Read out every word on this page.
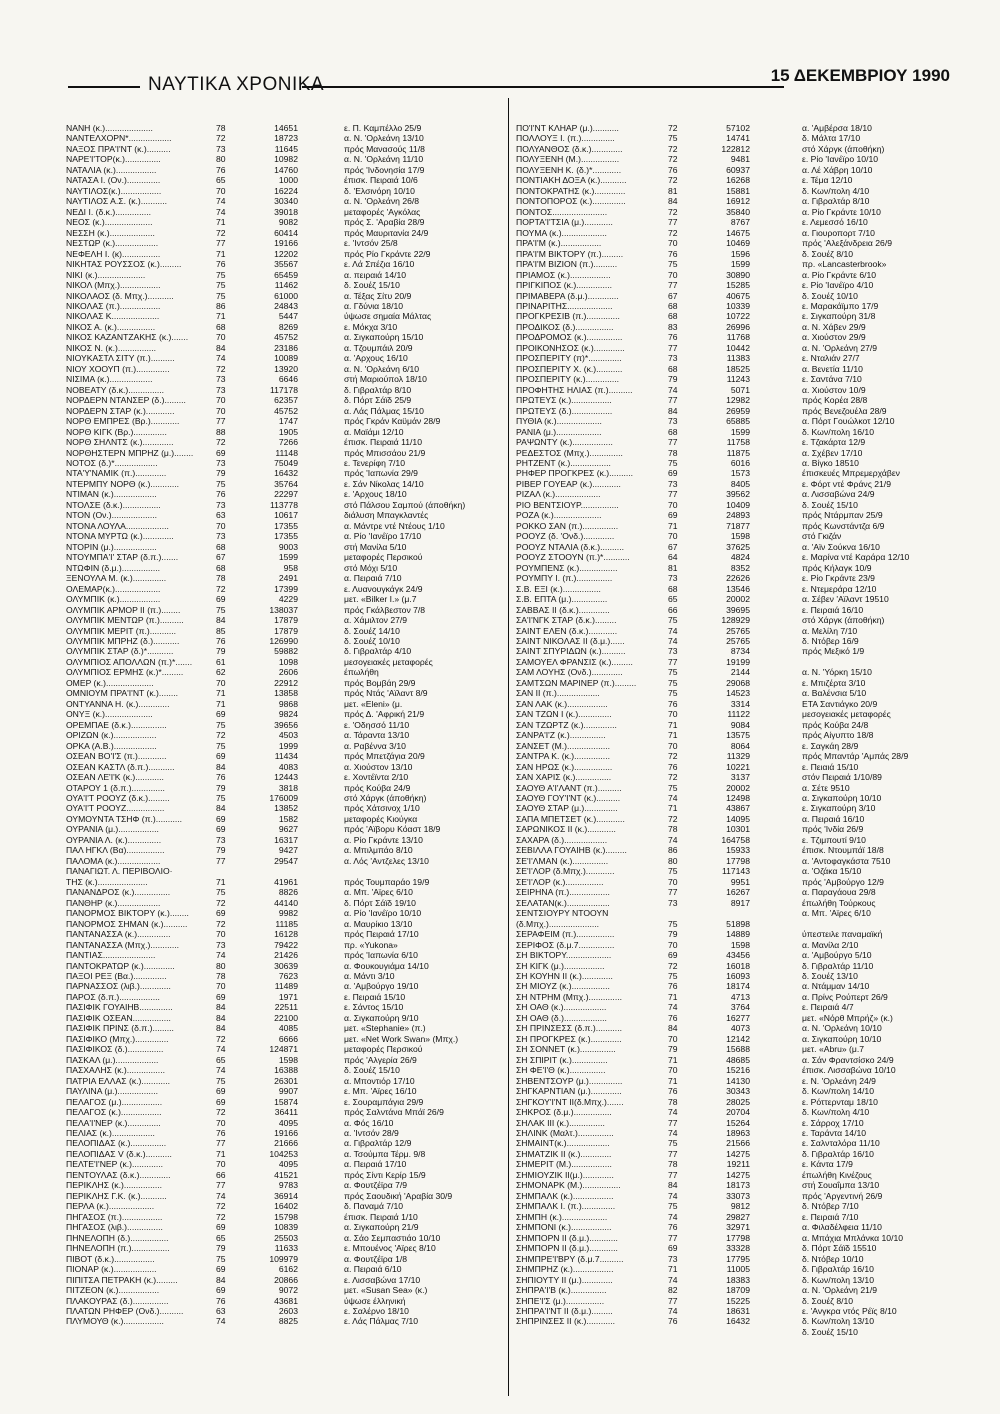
ΝΑΥΤΙΚΑ ΧΡΟΝΙΚΑ	15 ΔΕΚΕΜΒΡΙΟΥ 1990
ΝΑΝΗ (κ.)....................	78	14651	ε. Π. Καμπέλλο 25/9
ΝΑΝΤΕΛΧΟΡΝ*..................	72	18723	α. Ν. 'Ορλεάνη 13/10
ΝΑΞΟΣ ΠΡΑ'Ι'ΝΤ (κ.)..........	73	11645	πρός Μανασούς 11/8
ΝΑΡΕ'Ι'ΤΟΡ(κ.)...............	80	10982	α. Ν. 'Ορλεάνη 11/10
ΝΑΤΑΛΙΑ (κ.).................	76	14760	πρός 'Ινδονησία 17/9
ΝΑΤΑΣΑ Ι. (Ον.)..............	65	1000	έπισκ. Πειραιά 10/6
ΝΑΥΤΙΛΟΣ(κ.).................	70	16224	δ. 'Ελσινόρη 10/10
ΝΑΥΤΙΛΟΣ Α.Σ. (κ.)...........	74	30340	α. Ν. 'Ορλεάνη 26/8
ΝΕΔΙ Ι. (δ.κ.)...............	74	39018	μεταφορές 'Αγκόλας
ΝΕΟΣ (κ.)....................	71	9082	πρός Σ. 'Αραβία 28/9
ΝΕΣΣΗ (κ.)...................	72	60414	πρός Μαυριτανία 24/9
ΝΕΣΤΩΡ (κ.)..................	77	19166	ε. 'Ιντσόν 25/8
ΝΕΦΕΛΗ Ι. (κ)................	71	12202	πρός Ρίο Γκράντε 22/9
ΝΙΚΗΤΑΣ ΡΟΥΣΣΟΣ (κ.).........	76	35567	ε. Λά Σπέζια 16/10
ΝΙΚΙ (κ.)....................	75	65459	α. πειραιά 14/10
ΝΙΚΟΛ (Μπχ.).................	75	11462	δ. Σουέζ 15/10
ΝΙΚΟΛΑΟΣ (δ. Μπχ.)...........	75	61000	α. Τέξας Σίτυ 20/9
ΝΙΚΟΛΑΣ (π.).................	86	24843	α. Γδύνια 18/10
ΝΙΚΟΛΑΣ Κ....................	71	5447	ύψωσε σημαία Μάλτας
ΝΙΚΟΣ Α. (κ.)................	68	8269	ε. Μόκχα 3/10
ΝΙΚΟΣ ΚΑΖΑΝΤΖΑΚΗΣ (κ.).......	70	45752	α. Σιγκαπούρη 15/10
ΝΙΚΟΣ Ν. (κ.)................	84	23186	α. Τζουμπάιλ 20/9
ΝΙΟΥΚΑΣΤΛ ΣΙΤΥ (π.)..........	74	10089	α. 'Αρχους 16/10
ΝΙΟΥ ΧΟΟΥΠ (π.)..............	72	13920	α. Ν. 'Ορλεάνη 6/10
ΝΙΣΙΜΑ (κ.)..................	73	6646	στή Μαριούπολ 18/10
ΝΟΒΕΑΤΥ (δ.κ.)...............	73	117178	δ. Γιβραλτάρ 8/10
ΝΟΡΔΕΡΝ ΝΤΑΝΣΕΡ (δ.).........	70	62357	δ. Πόρτ Σάϊδ 25/9
ΝΟΡΔΕΡΝ ΣΤΑΡ (κ.)............	70	45752	α. Λάς Πάλμας 15/10
ΝΟΡΘ ΕΜΠΡΕΣ (Βρ.)............	77	1747	πρός Γκράν Καϋμάν 28/9
ΝΟΡΘ ΚΙΓΚ (Βρ.)..............	88	1905	α. Μαϊάμι 12/10
ΝΟΡΘ ΣΗΛΝΤΣ (κ.).............	72	7266	έπισκ. Πειραιά 11/10
ΝΟΡΘΗΣΤΕΡΝ ΜΠΡΗΖ (μ.)........	69	11148	πρός Μπισσάου 21/9
ΝΟΤΟΣ (δ.)*..................	73	75049	ε. Τενερίφη 7/10
ΝΤΑ'Υ'ΝΑΜΙΚ (π.).............	79	16432	πρός 'Ιαπωνία 29/9
ΝΤΕΡΜΠΥ ΝΟΡΘ (κ.)............	75	35764	ε. Σάν Νίκολας 14/10
ΝΤΙΜΑΝ (κ.)..................	76	22297	ε. 'Αρχους 18/10
ΝΤΟΛΣΕ (δ.κ.)................	73	113778	στό Πάλσου Σαμπού (άποθήκη)
ΝΤΟΝ (Ον.)...................	63	10617	διάλυση Μπαγκλαντές
ΝΤΟΝΑ ΛΟΥΛΑ..................	70	17355	α. Μάντρε ντέ Ντέους 1/10
ΝΤΟΝΑ ΜΥΡΤΩ (κ.).............	73	17355	α. Ρίο 'Ιανέϊρο 17/10
ΝΤΟΡΙΝ (μ.)..................	68	9003	στή Μανίλα 5/10
ΝΤΟΥΜΠΑ'Ι' ΣΤΑΡ (δ.π.).......	67	1599	μεταφορές Περσικού
ΝΤΩΦΙΝ (δ.μ.)................	68	958	στό Μόχι 5/10
ΞΕΝΟΥΛΑ Μ. (κ.)..............	78	2491	α. Πειραιά 7/10
ΟΛΕΜΑΡ(κ.)...................	72	17399	ε. Λυανουγκάγκ 24/9
ΟΛΥΜΠΙΚ (κ.).................	69	4229	μετ. «Bilker I.» (μ.7
ΟΛΥΜΠΙΚ ΑΡΜΟΡ ΙΙ (π.)........	75	138037	πρός Γκάλβεστον 7/8
ΟΛΥΜΠΙΚ ΜΕΝΤΩΡ (π.)..........	84	17879	α. Χάμιλτον 27/9
ΟΛΥΜΠΙΚ ΜΕΡΙΤ (π.)...........	85	17879	δ. Σουέζ 14/10
ΟΛΥΜΠΙΚ ΜΠΡΗΖ (δ.)...........	76	126990	δ. Σουέζ 10/10
ΟΛΥΜΠΙΚ ΣΤΑΡ (δ.)*...........	79	59882	δ. Γιβραλτάρ 4/10
ΟΛΥΜΠΙΟΣ ΑΠΟΛΛΩΝ (π.)*.......	61	1098	μεσογειακές μεταφορές
ΟΛΥΜΠΙΟΣ ΕΡΜΗΣ (κ.)*.........	62	2606	έπωλήθη
ΟΜΕΡ (κ.)....................	70	22912	πρός Βομβάη 29/9
ΟΜΝΙΟΥΜ ΠΡΑ'Ι'ΝΤ (κ.)........	71	13858	πρός Ντάς 'Αϊλαντ 8/9
ΟΝΤΥΑΝΝΑ Η. (κ.).............	71	9868	μετ. «Eleni» (μ.
ΟΝΥΞ (κ.)....................	69	9824	πρός Δ. 'Αφρική 21/9
ΟΡΕΜΠΑΕ (δ.κ.)...............	75	39656	ε. 'Οδησσό 11/10
ΟΡΙΖΩΝ (κ.)..................	72	4503	α. Τάραντα 13/10
ΟΡΚΑ (Α.Β.)..................	75	1999	α. Ραβέννα 3/10
ΟΣΕΑΝ ΒΟ'Ι'Σ (π.)............	69	11434	πρός Μπετζάγια 20/9
ΟΣΕΑΝ ΚΑΣΤΛ (δ.π.)...........	84	4083	α. Χιούστον 13/10
ΟΣΕΑΝ ΛΕ'Ι'Κ (κ.)............	76	12443	ε. Χοντέϊντα 2/10
ΟΤΑΡΟΥ 1 (δ.π.)..............	79	3818	πρός Κούβα 24/9
ΟΥΑ'Ι'Τ ΡΟΟΥΖ (δ.κ.).........	75	176009	στό Χάργκ (άποθήκη)
ΟΥΑ'Ι'Τ ΡΟΟΥΖ................	84	13852	πρός Χάτσινοχ 1/10
ΟΥΜΟΥΝΤΑ ΤΣΗΦ (π.)...........	69	1582	μεταφορές Κιούγκα
ΟΥΡΑΝΙΑ (μ.).................	69	9627	πρός 'Αϊβορυ Κόαστ 18/9
ΟΥΡΑΝΙΑ Λ. (κ.)..............	73	16317	α. Ρίο Γκράντε 13/10
ΠΑΛ ΗΓΚΛ (Βα)................	79	9427	α. Μπιλμπάο 8/10
ΠΑΛΟΜΑ (κ.)..................	77	29547	α. Λός 'Αντζελες 13/10
ΠΑΝΑΓΙΩΤ. Λ. ΠΕΡΙΒΟΛΙΟ·
ΤΗΣ (κ.).....................	71	41961	πρός Τουμπαράο 19/9
ΠΑΝΑΝΔΡΟΣ (κ.)...............	75	8826	α. Μπ. 'Αϊρες 6/10
ΠΑΝΘΗΡ (κ.)..................	72	44140	δ. Πόρτ Σάϊδ 19/10
ΠΑΝΟΡΜΟΣ ΒΙΚΤΟΡΥ (κ.)........	69	9982	α. Ρίο 'Ιανέϊρο 10/10
ΠΑΝΟΡΜΟΣ ΣΗΜΑΝ (κ.)..........	72	11185	α. Μαυρίκιο 13/10
ΠΑΝΤΑΝΑΣΣΑ (κ.)..............	70	16128	πρός Πειραιά 17/10
ΠΑΝΤΑΝΑΣΣΑ (Μπχ.)............	73	79422	πρ. «Yukona»
ΠΑΝΤΙΑΣ......................	74	21426	πρός 'Ιαπωνία 6/10
ΠΑΝΤΟΚΡΑΤΩΡ (κ.).............	80	30639	α. Φουκουγιάμα 14/10
ΠΑΞΟΙ ΡΕΞ (Βα.)..............	78	7623	α. Μάντι 3/10
ΠΑΡΝΑΣΣΟΣ (λιβ.).............	70	11489	α. 'Αμβούργο 19/10
ΠΑΡΟΣ (δ.π.).................	69	1971	ε. Πειραιά 15/10
ΠΑΣΙΦΙΚ ΓΟΥΑΙΗΒ..............	84	22511	ε. Σάντος 15/10
ΠΑΣΙΦΙΚ ΟΣΕΑΝ................	84	22100	α. Σιγκαπούρη 9/10
ΠΑΣΙΦΙΚ ΠΡΙΝΣ (δ.π.).........	84	4085	μετ. «Stephanie» (π.)
ΠΑΣΙΦΙΚΟ (Μπχ.)..............	72	6666	μετ. «Net Work Swan» (Μπχ.)
ΠΑΣΙΦΙΚΟΣ (δ.)...............	74	124871	μεταφορές Περσικού
ΠΑΣΚΑΛ (μ.)..................	65	1598	πρός 'Αλγερία 26/9
ΠΑΣΧΑΛΗΣ (κ.)................	74	16388	δ. Σουέζ 15/10
ΠΑΤΡΙΑ ΕΛΛΑΣ (κ.)............	75	26301	α. Μποντιόρ 17/10
ΠΑΥΛΙΝΑ (μ.).................	69	9907	ε. Μπ. 'Αϊρες 16/10
ΠΕΛΑΓΟΣ (μ.).................	69	15874	ε. Σουραμπάγια 29/9
ΠΕΛΑΓΟΣ (κ.).................	72	36411	πρός Σαλντάνα Μπάϊ 26/9
ΠΕΛΑ'Ι'ΝΕΡ (κ.)..............	70	4095	α. Φός 16/10
ΠΕΛΙΑΣ (κ.)..................	76	19166	α. 'Ιντσόν 28/9
ΠΕΛΟΠΙΔΑΣ (κ.)...............	77	21666	α. Γιβραλτάρ 12/9
ΠΕΛΟΠΙΔΑΣ V (δ.κ.)...........	71	104253	α. Τσούμπα Τέρμ. 9/8
ΠΕΛΤΕ'Ι'ΝΕΡ (κ.).............	70	4095	α. Πειραιά 17/10
ΠΕΝΤΟΥΛΑΣ (δ.κ.).............	66	41521	πρός Σίντι Κερίρ 15/9
ΠΕΡΙΚΛΗΣ (κ.)................	77	9783	α. Φουτζέϊρα 7/9
ΠΕΡΙΚΛΗΣ Γ.Κ. (κ.)...........	74	36914	πρός Σαουδική 'Αραβία 30/9
ΠΕΡΛΑ (κ.)...................	72	16402	δ. Παναμά 7/10
ΠΗΓΑΣΟΣ (π.).................	72	15798	έπισκ. Πειραιά 1/10
ΠΗΓΑΣΟΣ (λιβ.)...............	69	10839	α. Σιγκαπούρη 21/9
ΠΗΝΕΛΟΠΗ (δ.)................	65	25503	α. Σάο Σεμπαστιάο 10/10
ΠΗΝΕΛΟΠΗ (π.)................	79	11633	ε. Μπουένος 'Αϊρες 8/10
ΠΙΒΟΤ (δ.κ.).................	75	109979	α. Φουτζέϊρα 1/8
ΠΙΟΝΑΡ (κ.)..................	69	6162	α. Πειραιά 6/10
ΠΙΠΙΤΣΑ ΠΕΤΡΑΚΗ (κ.).........	84	20866	ε. Λισσαβώνα 17/10
ΠΙΤΖΕΟΝ (κ.).................	69	9072	μετ. «Susan Sea» (κ.)
ΠΛΑΚΟΥΡΑΣ (δ.)...............	76	43681	ύψωσε έλληνική
ΠΛΑΤΩΝ ΡΗΦΕΡ (Ονδ.)..........	63	2603	ε. Σαλέρνο 18/10
ΠΛΥΜΟΥΘ (κ.).................	74	8825	ε. Λάς Πάλμας 7/10
ΠΟ'Ι'ΝΤ ΚΛΗΑΡ (μ.)...........	72	57102	α. 'Αμβέρσα 18/10
ΠΟΛΛΟΥΞ Ι. (π.)..............	75	14741	δ. Μάλτα 17/10
ΠΟΛΥΑΝΘΟΣ (δ.κ.).............	72	122812	στό Χάργκ (άποθήκη)
ΠΟΛΥΞΕΝΗ (Μ.)................	72	9481	ε. Ρίο 'Ιανέϊρο 10/10
ΠΟΛΥΞΕΝΗ Κ. (δ.)*............	76	60937	α. Λέ Χάβρη 10/10
ΠΟΝΤΙΑΚΗ ΔΟΞΑ (κ.)...........	72	16268	ε. Τέμα 12/10
ΠΟΝΤΟΚΡΑΤΗΣ (κ.).............	81	15881	δ. Κων/πολη 4/10
ΠΟΝΤΟΠΟΡΟΣ (κ.)..............	84	16912	α. Γιβραλτάρ 8/10
ΠΟΝΤΟΣ.......................	72	35840	α. Ρίο Γκράντε 10/10
ΠΟΡΤΑ'Ι'ΤΣΙΑ (μ.)............	77	8767	ε. Λεμεσσό 16/10
ΠΟΥΜΑ (κ.)...................	72	14675	α. Γιουροπορτ 7/10
ΠΡΑ'Ι'Μ (κ.).................	70	10469	πρός 'Αλεξάνδρεια 26/9
ΠΡΑ'Ι'Μ ΒΙΚΤΟΡΥ (π.).........	76	1596	δ. Σουέζ 8/10
ΠΡΑ'Ι'Μ ΒΙΖΙΟΝ (π.)..........	75	1599	πρ. «Lancasterbrook»
ΠΡΙΑΜΟΣ (κ.).................	70	30890	α. Ρίο Γκράντε 6/10
ΠΡΙΓΚΙΠΟΣ (κ.)...............	77	15285	ε. Ρίο 'Ιανέϊρο 4/10
ΠΡΙΜΑΒΕΡΑ (δ.μ.).............	67	40675	δ. Σουέζ 10/10
ΠΡΙΝΑΡΙΤΗΣ...................	68	10339	ε. Μαρακάϊμπο 17/9
ΠΡΟΓΚΡΕΣΙΒ (π.)..............	68	10722	ε. Σιγκαπούρη 31/8
ΠΡΟΔΙΚΟΣ (δ.)................	83	26996	α. Ν. Χάβεν 29/9
ΠΡΟΔΡΟΜΟΣ (κ.)...............	76	11768	α. Χιούστον 29/9
ΠΡΟΙΚΟΝΗΣΟΣ (κ.).............	77	10442	α. Ν. 'Ορλεάνη 27/9
ΠΡΟΣΠΕΡΙΤΥ (π)*..............	73	11383	ε. Νταλιάν 27/7
ΠΡΟΣΠΕΡΙΤΥ Χ. (κ.)...........	68	18525	α. Βενετία 11/10
ΠΡΟΣΠΕΡΙΤΥ (κ.)..............	79	11243	ε. Σαντάνα 7/10
ΠΡΟΦΗΤΗΣ ΗΛΙΑΣ (π.)..........	74	5071	α. Χιούστον 10/9
ΠΡΩΤΕΥΣ (κ.).................	77	12982	πρός Κορέα 28/8
ΠΡΩΤΕΥΣ (δ.).................	84	26959	πρός Βενεζουέλα 28/9
ΠΥΘΙΑ (κ.)...................	73	65885	α. Πόρτ Γουώλκοτ 12/10
ΡΑΝΙΑ (μ.)...................	68	1599	δ. Κων/πολη 16/10
ΡΑΨΩΝΤΥ (κ.).................	77	11758	ε. Τζακάρτα 12/9
ΡΕΔΕΣΤΟΣ (Μπχ.)..............	78	11875	α. Σχέβεν 17/10
ΡΗΤΖΕΝΤ (κ.).................	75	6016	α. Βίγκο 18510
ΡΗΦΕΡ ΠΡΟΓΚΡΕΣ (κ.)..........	69	1573	έπισκευές Μπρεμερχάβεν
ΡΙΒΕΡ ΓΟΥΕΑΡ (κ.)............	73	8405	ε. Φόρτ ντέ Φράνς 21/9
ΡΙΖΑΛ (κ.)...................	77	39562	α. Λισσαβώνα 24/9
ΡΙΟ ΒΕΝΤΣΙΟΥΡ................	70	10409	δ. Σουέζ 15/10
ΡΟΖΑ (κ.)....................	69	24893	πρός Ντάρμπαν 25/9
ΡΟΚΚΟ ΣΑΝ (π.)...............	71	71877	πρός Κωνστάντζα 6/9
ΡΟΟΥΖ (δ. 'Ονδ.).............	70	1598	στό Γκιζάν
ΡΟΟΥΖ ΝΤΑΛΙΑ (δ.κ.)..........	67	37625	α. 'Αϊν Σούκνα 16/10
ΡΟΟΥΖ ΣΤΟΟΥΝ (π.)*...........	64	4824	ε. Μαρίνα ντέ Καράρα 12/10
ΡΟΥΜΠΕΝΣ (κ.)................	81	8352	πρός Κήλαγκ 10/9
ΡΟΥΜΠΥ Ι. (π.)...............	73	22626	ε. Ρίο Γκράντε 23/9
Σ.Β. ΕΞΙ (κ.)................	68	13546	ε. Ντεμεράρα 12/10
Σ.Β. ΕΠΤΑ (μ.)...............	65	20002	α. Σέβεν 'Αϊλαντ 19510
ΣΑΒΒΑΣ ΙΙ (δ.κ.).............	66	39695	ε. Πειραιά 16/10
ΣΑ'Ι'ΝΓΚ ΣΤΑΡ (δ.κ.).........	75	128929	στό Χάργκ (άποθήκη)
ΣΑΙΝΤ ΕΛΕΝ (δ.κ.)............	74	25765	α. Μελίλη 7/10
ΣΑΙΝΤ ΝΙΚΟΛΑΣ ΙΙ (δ.μ.)......	74	25765	δ. Ντόβερ 16/9
ΣΑΙΝΤ ΣΠΥΡΙΔΩΝ (κ.)..........	73	8734	πρός Μεξικό 1/9
ΣΑΜΟΥΕΛ ΦΡΑΝΣΙΣ (κ.).........	77	19199
ΣΑΜ ΛΟΥΗΣ (Ονδ.).............	75	2144	α. Ν. 'Υόρκη 15/10
ΣΑΜΤΣΩΝ ΜΑΡΙΝΕΡ (π.).........	75	29068	ε. Μπιζέρτα 3/10
ΣΑΝ ΙΙ (π.)..................	75	14523	α. Βαλένσια 5/10
ΣΑΝ ΛΑΚ (κ.).................	76	3314	ΕΤΑ Σαντιάγκο 20/9
ΣΑΝ ΤΖΩΝ Ι (κ.)..............	70	11122	μεσογειακές μεταφορές
ΣΑΝ ΤΖΩΡΤΖ (κ.)..............	71	9084	πρός Κούβα 24/8
ΣΑΝΡΑ'Ι'Ζ (κ.)...............	71	13575	πρός Αίγυπτο 18/8
ΣΑΝΣΕΤ (Μ.)..................	70	8064	ε. Σαγκάη 28/9
ΣΑΝΤΡΑ Κ. (κ.)...............	72	11329	πρός Μπαντάρ 'Αμπάς 28/9
ΣΑΝ ΗΡΩΣ (κ.)................	76	10221	ε. Πειαιά 15/10
ΣΑΝ ΧΑΡΙΣ (κ.)...............	72	3137	στόν Πειραιά 1/10/89
ΣΑΟΥΘ Α'Ι'ΛΑΝΤ (π.)..........	75	20002	α. Σέτε 9510
ΣΑΟΥΘ ΓΟΥ'Ι'ΝΤ (κ.)..........	74	12498	α. Σιγκαπούρη 10/10
ΣΑΟΥΘ ΣΤΑΡ (μ.)..............	71	43867	ε. Σιγκαπούρη 3/10
ΣΑΠΑ ΜΠΕΤΣΕΤ (κ.)............	72	14095	α. Πειραιά 16/10
ΣΑΡΩΝΙΚΟΣ ΙΙ (κ.)............	78	10301	πρός 'Ινδία 26/9
ΣΑΧΑΡΑ (δ.)..................	74	164758	ε. Τζιμπουτί 9/10
ΣΕΒΙΛΛΑ ΓΟΥΑΙΗΒ (κ.).........	86	15933	έπισκ. Ντουμπάϊ 18/8
ΣΕ'Ι'ΛΜΑΝ (κ.)...............	80	17798	α. 'Αντοφαγκάστα 7510
ΣΕ'Ι'ΛΟΡ (δ.Μπχ.)............	75	117143	α. 'Οζάκα 15/10
ΣΕ'Ι'ΛΟΡ (κ.)................	70	9951	πρός 'Αμβούργο 12/9
ΣΕΙΡΗΝΑ (π.).................	77	16267	α. Παραγάουα 29/8
ΣΕΛΑΤΑΝ(κ.)..................	73	8917	έπωλήθη Τούρκους
ΣΕΝΤΣΙΟΥΡΥ ΝΤΟΟΥΝ	α. Μπ. 'Αϊρες 6/10
(δ.Μπχ.).....................	75	51898
ΣΕΡΑΦΕΙΜ (π.)................	79	14889	ύπεστειλε παναμαϊκή
ΣΕΡΙΦΟΣ (δ.μ.7...............	70	1598	α. Μανίλα 2/10
ΣΗ ΒΙΚΤΟΡΥ...................	69	43456	α. 'Αμβούργο 5/10
ΣΗ ΚΙΓΚ (μ.).................	72	16018	δ. Γιβραλτάρ 11/10
ΣΗ ΚΟΥΗΝ ΙΙ (κ.).............	75	16093	δ. Σουέζ 13/10
ΣΗ ΜΙΟΥΖ (κ.)................	76	18174	α. Ντάμμαν 14/10
ΣΗ ΝΤΡΗΜ (Μπχ.)..............	71	4713	α. Πρίνς Ρούπερτ 26/9
ΣΗ ΟΑΘ (κ.)..................	74	3764	ε. Πειραιά 4/7
ΣΗ ΟΑΘ (δ.)..................	76	16277	μετ. «Νόρθ Μπρήζ» (κ.)
ΣΗ ΠΡΙΝΣΕΣΣ (δ.π.)...........	84	4073	α. Ν. 'Ορλεάνη 10/10
ΣΗ ΠΡΟΓΚΡΕΣ (κ.).............	70	12142	α. Σιγκαπούρη 10/10
ΣΗ ΣΟΝΝΕΤ (κ.)...............	79	15688	μετ. «Abru» (μ.7
ΣΗ ΣΠΙΡΙΤ (κ.)...............	71	48685	α. Σάν Φραντσίσκο 24/9
ΣΗ ΦΕ'Ι'Θ (κ.)...............	70	15216	έπισκ. Λισσαβώνα 10/10
ΣΗΒΕΝΤΣΟΥΡ (μ.)..............	71	14130	ε. Ν. 'Ορλεάνη 24/9
ΣΗΓΚΑΡΝΤΙΑΝ (μ.).............	76	30343	δ. Κων/πολη 14/10
ΣΗΓΚΟΥ'Ι'ΝΤ ΙΙ(δ.Μπχ.).......	78	28025	ε. Ρόττερνταμ 18/10
ΣΗΚΡΟΣ (δ.μ.)................	74	20704	δ. Κων/πολη 4/10
ΣΗΛΑΚ ΙΙΙ (κ.)...............	77	15264	ε. Σάρροχ 17/10
ΣΗΛΙΝΚ (Μαλτ.)...............	74	18963	ε. Ταράντα 14/10
ΣΗΜΑΙΝΤ(κ.)..................	75	21566	ε. Σαλνταλόρα 11/10
ΣΗΜΑΤΖΙΚ ΙΙ (κ.).............	77	14275	δ. Γιβραλτάρ 16/10
ΣΗΜΕΡΙΤ (Μ.).................	78	19211	ε. Κάντα 17/9
ΣΗΜΙΟΥΖΙΚ ΙΙ(μ.).............	77	14275	έπωλήθη Κινέζους
ΣΗΜΟΝΑΡΚ (Μ.)................	84	18173	στή Σουαΐμπα 13/10
ΣΗΜΠΑΛΚ (κ.).................	74	33073	πρός 'Αργεντινή 26/9
ΣΗΜΠΑΛΚ Ι. (π.)..............	75	9812	δ. Ντόβερ 7/10
ΣΗΜΠΗ (κ.)...................	74	29827	ε. Πειραιά 7/10
ΣΗΜΠΟΝΙ (κ.).................	76	32971	α. Φιλαδέλφεια 11/10
ΣΗΜΠΟΡΝ ΙΙ (δ.μ.)............	77	17798	α. Μπάχια Μπλάνκα 10/10
ΣΗΜΠΟΡΝ ΙΙ (δ.μ.)............	69	33328	δ. Πόρτ Σάϊδ 15510
ΣΗΜΠΡΕ'Ι'ΒΡΥ (δ.μ.7..........	73	17795	δ. Ντόβερ 10/10
ΣΗΜΠΡΗΖ (κ.).................	71	11005	δ. Γιβραλτάρ 16/10
ΣΗΠΙΟΥΤΥ ΙΙ (μ.).............	74	18383	δ. Κων/πολη 13/10
ΣΗΠΡΑ'Ι'Β (κ.)...............	82	18709	α. Ν. 'Ορλεάνη 21/9
ΣΗΠΕ'Ι'Σ (μ.)................	77	15225	δ. Σουέζ 8/10
ΣΗΠΡΑ'Ι'ΝΤ ΙΙ (δ.μ.).........	74	18631	ε. 'Ανγκρα ντός Ρέϊς 8/10
ΣΗΠΡΙΝΣΕΣ ΙΙ (κ.)............	76	16432	δ. Κων/πολη 13/10
δ. Σουέζ 15/10
